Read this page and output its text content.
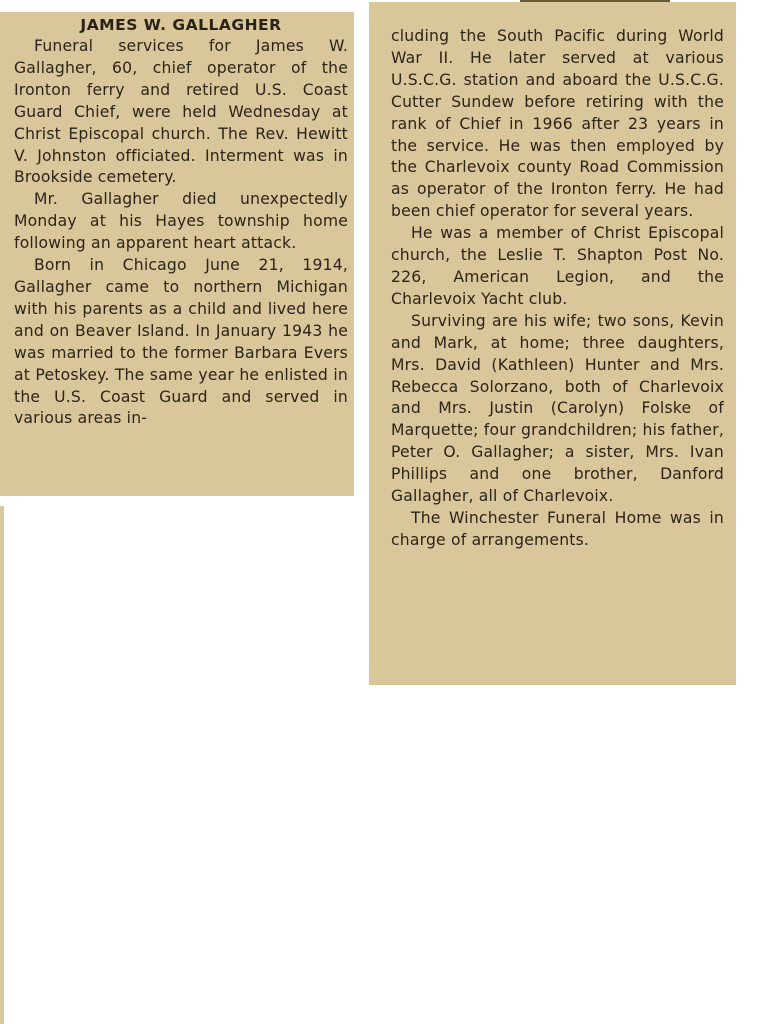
JAMES W. GALLAGHER

Funeral services for James W. Gallagher, 60, chief operator of the Ironton ferry and retired U.S. Coast Guard Chief, were held Wednesday at Christ Episcopal church. The Rev. Hewitt V. Johnston officiated. Interment was in Brookside cemetery.

Mr. Gallagher died unexpectedly Monday at his Hayes township home following an apparent heart attack.

Born in Chicago June 21, 1914, Gallagher came to northern Michigan with his parents as a child and lived here and on Beaver Island. In January 1943 he was married to the former Barbara Evers at Petoskey. The same year he enlisted in the U.S. Coast Guard and served in various areas in-

cluding the South Pacific during World War II. He later served at various U.S.C.G. station and aboard the U.S.C.G. Cutter Sundew before retiring with the rank of Chief in 1966 after 23 years in the service. He was then employed by the Charlevoix county Road Commission as operator of the Ironton ferry. He had been chief operator for several years.

He was a member of Christ Episcopal church, the Leslie T. Shapton Post No. 226, American Legion, and the Charlevoix Yacht club.

Surviving are his wife; two sons, Kevin and Mark, at home; three daughters, Mrs. David (Kathleen) Hunter and Mrs. Rebecca Solorzano, both of Charlevoix and Mrs. Justin (Carolyn) Folske of Marquette; four grandchildren; his father, Peter O. Gallagher; a sister, Mrs. Ivan Phillips and one brother, Danford Gallagher, all of Charlevoix.

The Winchester Funeral Home was in charge of arrangements.
